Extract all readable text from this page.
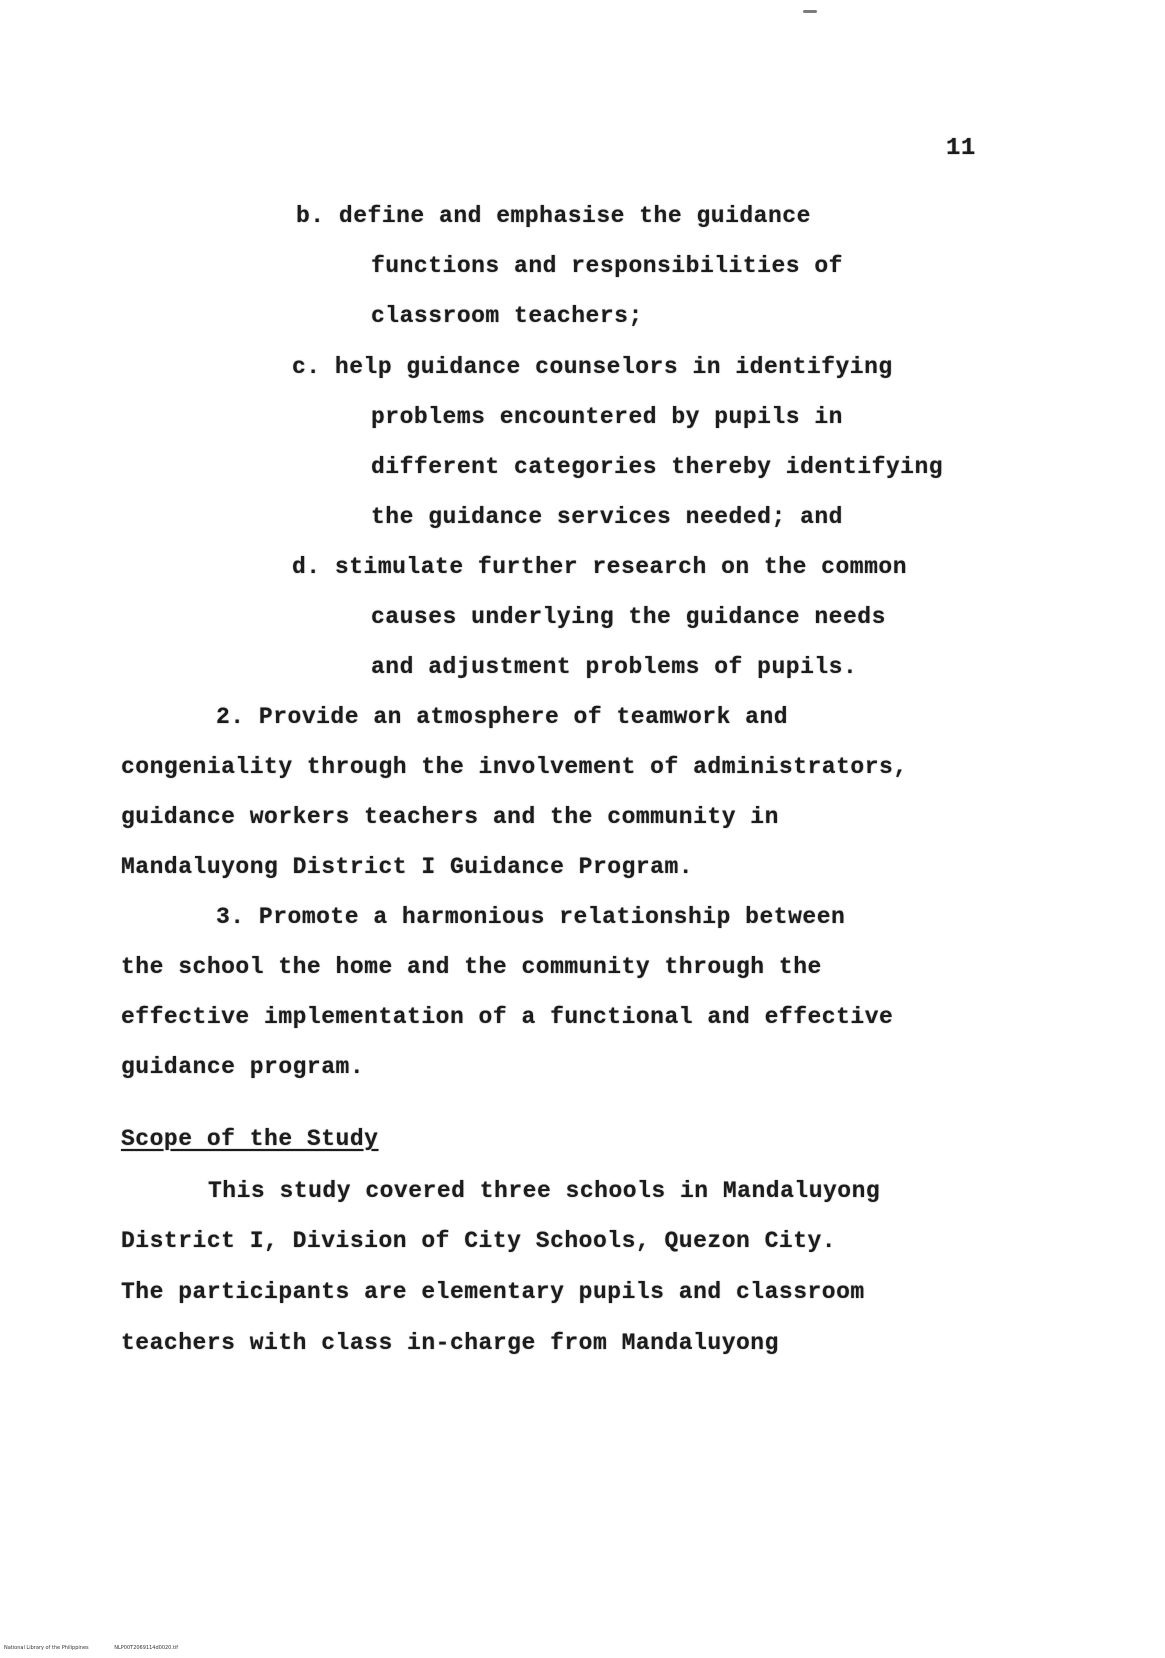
11
b. define and emphasise the guidance
functions and responsibilities of
classroom teachers;
c. help guidance counselors in identifying
problems encountered by pupils in
different categories thereby identifying
the guidance services needed; and
d. stimulate further research on the common
causes underlying the guidance needs
and adjustment problems of pupils.
2. Provide an atmosphere of teamwork and
congeniality through the involvement of administrators,
guidance workers teachers and the community in
Mandaluyong District I Guidance Program.
3. Promote a harmonious relationship between
the school the home and the community through the
effective implementation of a functional and effective
guidance program.
Scope of the Study
This study covered three schools in Mandaluyong
District I, Division of City Schools, Quezon City.
The participants are elementary pupils and classroom
teachers with class in-charge from Mandaluyong
National Library of the Philippines	NLP00T2069114d0020.tif
